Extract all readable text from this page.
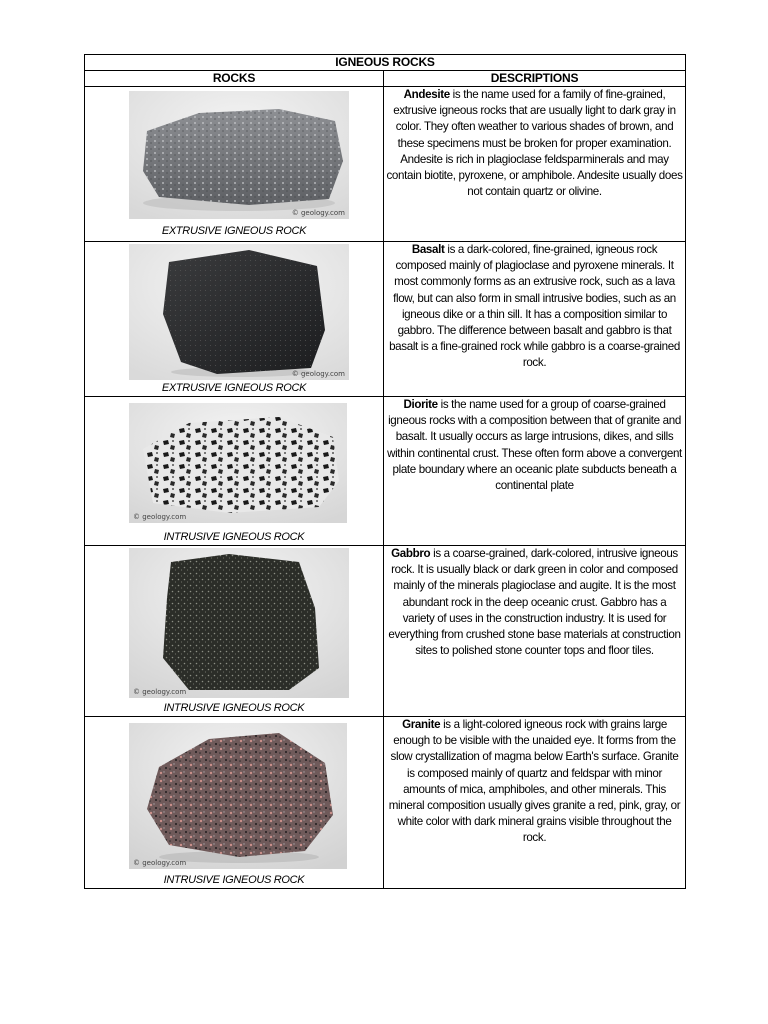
IGNEOUS ROCKS	
ROCKS	DESCRIPTIONS

© geology.com
EXTRUSIVE IGNEOUS ROCK	Andesite is the name used for a family of fine-grained, extrusive igneous rocks that are usually light to dark gray in color. They often weather to various shades of brown, and these specimens must be broken for proper examination. Andesite is rich in plagioclase feldsparminerals and may contain biotite, pyroxene, or amphibole. Andesite usually does not contain quartz or olivine.

© geology.com
EXTRUSIVE IGNEOUS ROCK	Basalt is a dark-colored, fine-grained, igneous rock composed mainly of plagioclase and pyroxene minerals. It most commonly forms as an extrusive rock, such as a lava flow, but can also form in small intrusive bodies, such as an igneous dike or a thin sill. It has a composition similar to gabbro. The difference between basalt and gabbro is that basalt is a fine-grained rock while gabbro is a coarse-grained rock.

© geology.com
INTRUSIVE IGNEOUS ROCK	Diorite is the name used for a group of coarse-grained igneous rocks with a composition between that of granite and basalt. It usually occurs as large intrusions, dikes, and sills within continental crust. These often form above a convergent plate boundary where an oceanic plate subducts beneath a continental plate

© geology.com
INTRUSIVE IGNEOUS ROCK	Gabbro is a coarse-grained, dark-colored, intrusive igneous rock. It is usually black or dark green in color and composed mainly of the minerals plagioclase and augite. It is the most abundant rock in the deep oceanic crust. Gabbro has a variety of uses in the construction industry. It is used for everything from crushed stone base materials at construction sites to polished stone counter tops and floor tiles.

© geology.com
INTRUSIVE IGNEOUS ROCK	Granite is a light-colored igneous rock with grains large enough to be visible with the unaided eye. It forms from the slow crystallization of magma below Earth's surface. Granite is composed mainly of quartz and feldspar with minor amounts of mica, amphiboles, and other minerals. This mineral composition usually gives granite a red, pink, gray, or white color with dark mineral grains visible throughout the rock.
